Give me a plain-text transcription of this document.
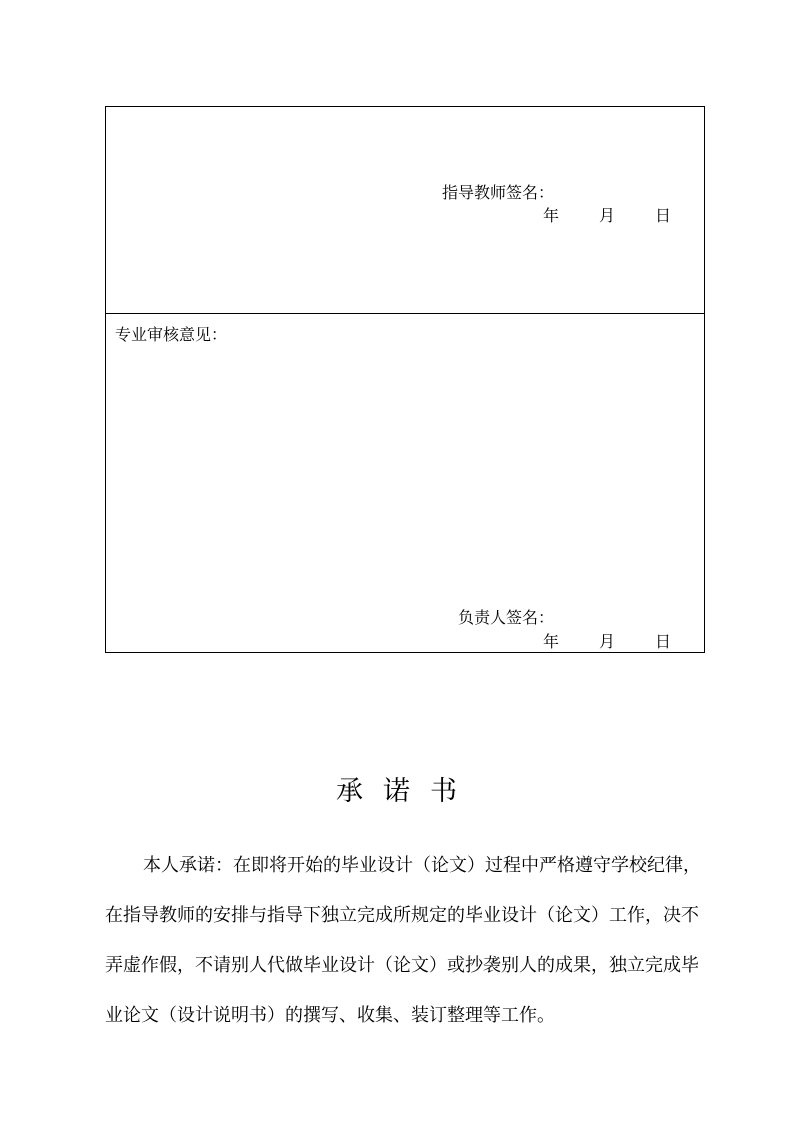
指导教师签名：
年	月	日
专业审核意见：
负责人签名：
年	月	日
承诺书

本人承诺：在即将开始的毕业设计（论文）过程中严格遵守学校纪律，
在指导教师的安排与指导下独立完成所规定的毕业设计（论文）工作，决不
弄虚作假，不请别人代做毕业设计（论文）或抄袭别人的成果，独立完成毕
业论文（设计说明书）的撰写、收集、装订整理等工作。
